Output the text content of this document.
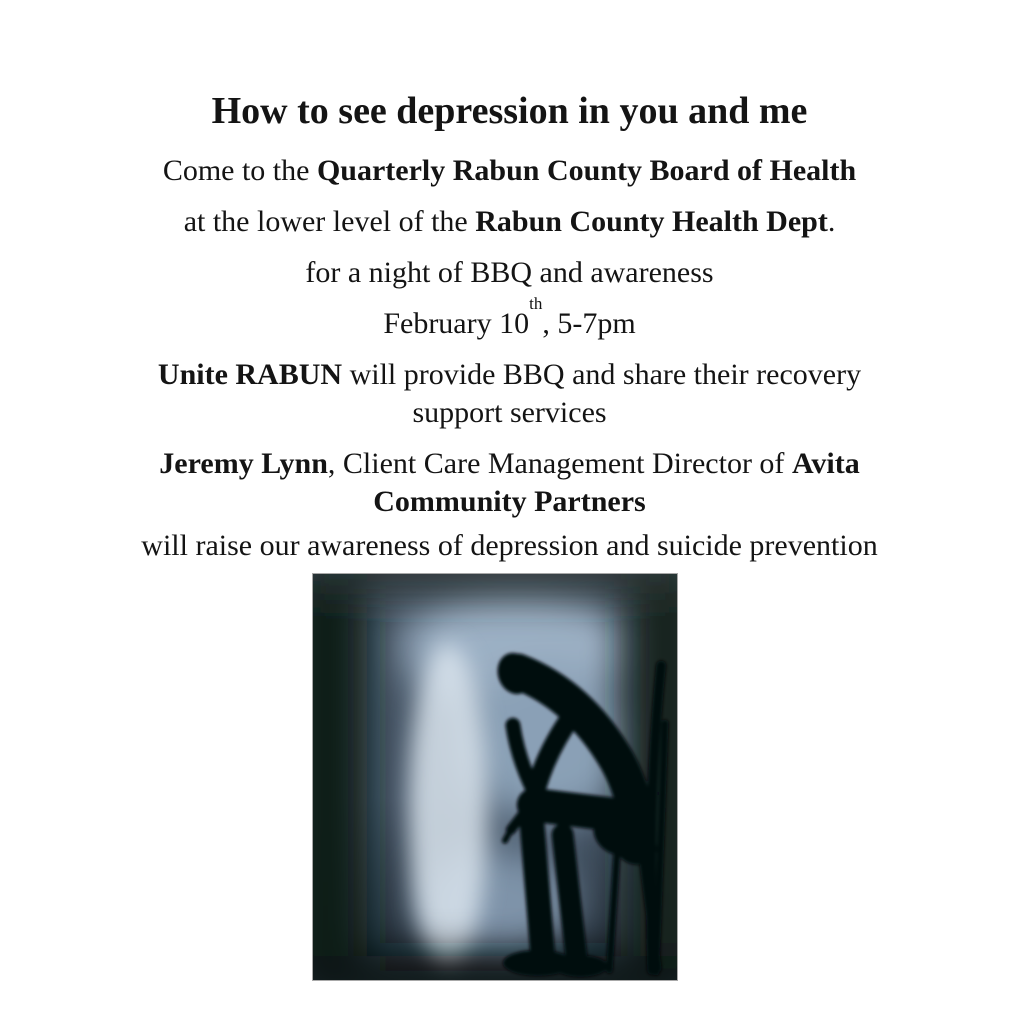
How to see depression in you and me

Come to the Quarterly Rabun County Board of Health

at the lower level of the Rabun County Health Dept.

for a night of BBQ and awareness

February 10th, 5-7pm

Unite RABUN will provide BBQ and share their recovery
support services

Jeremy Lynn, Client Care Management Director of Avita
Community Partners

will raise our awareness of depression and suicide prevention
